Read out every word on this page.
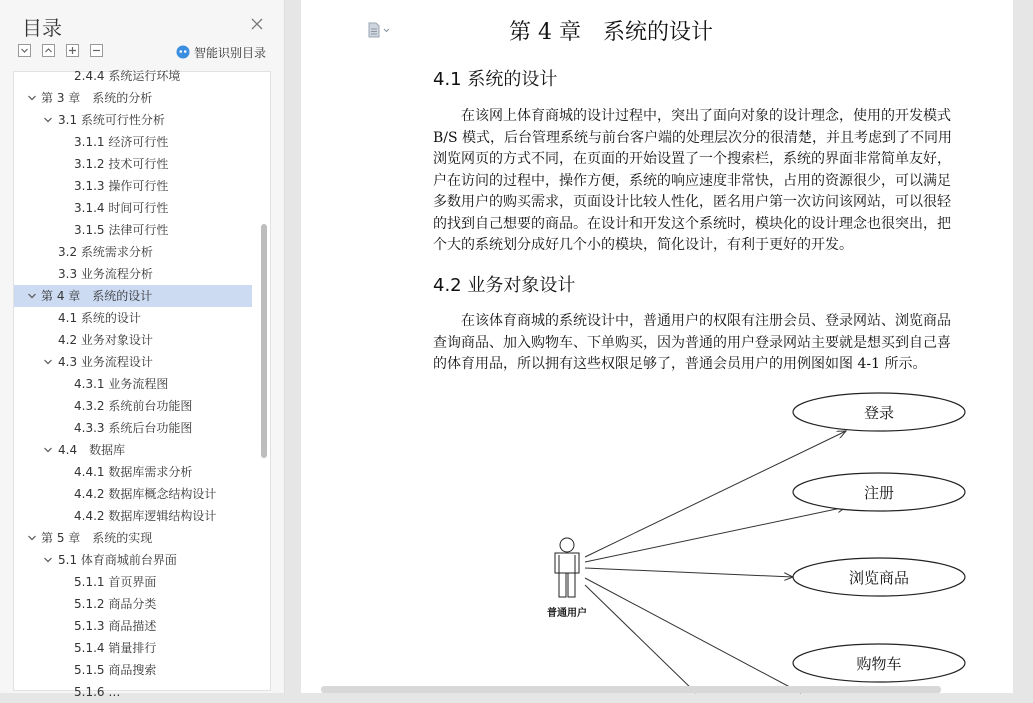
目录
智能识别目录
2.4.4 系统运行环境
第 3 章　系统的分析
3.1 系统可行性分析
3.1.1 经济可行性
3.1.2 技术可行性
3.1.3 操作可行性
3.1.4 时间可行性
3.1.5 法律可行性
3.2 系统需求分析
3.3 业务流程分析
第 4 章　系统的设计
4.1 系统的设计
4.2 业务对象设计
4.3 业务流程设计
4.3.1 业务流程图
4.3.2 系统前台功能图
4.3.3 系统后台功能图
4.4　数据库
4.4.1 数据库需求分析
4.4.2 数据库概念结构设计
4.4.2 数据库逻辑结构设计
第 5 章　系统的实现
5.1 体育商城前台界面
5.1.1 首页界面
5.1.2 商品分类
5.1.3 商品描述
5.1.4 销量排行
5.1.5 商品搜索
5.1.6 …
第 4 章　系统的设计
4.1 系统的设计
　　在该网上体育商城的设计过程中，突出了面向对象的设计理念，使用的开发模式
B/S 模式，后台管理系统与前台客户端的处理层次分的很清楚，并且考虑到了不同用
浏览网页的方式不同，在页面的开始设置了一个搜索栏，系统的界面非常简单友好，
户在访问的过程中，操作方便，系统的响应速度非常快，占用的资源很少，可以满足
多数用户的购买需求，页面设计比较人性化，匿名用户第一次访问该网站，可以很轻
的找到自己想要的商品。在设计和开发这个系统时，模块化的设计理念也很突出，把
个大的系统划分成好几个小的模块，简化设计，有利于更好的开发。
4.2 业务对象设计
　　在该体育商城的系统设计中，普通用户的权限有注册会员、登录网站、浏览商品
查询商品、加入购物车、下单购买，因为普通的用户登录网站主要就是想买到自己喜
的体育用品，所以拥有这些权限足够了，普通会员用户的用例图如图 4-1 所示。
普通用户
登录
注册
浏览商品
购物车
